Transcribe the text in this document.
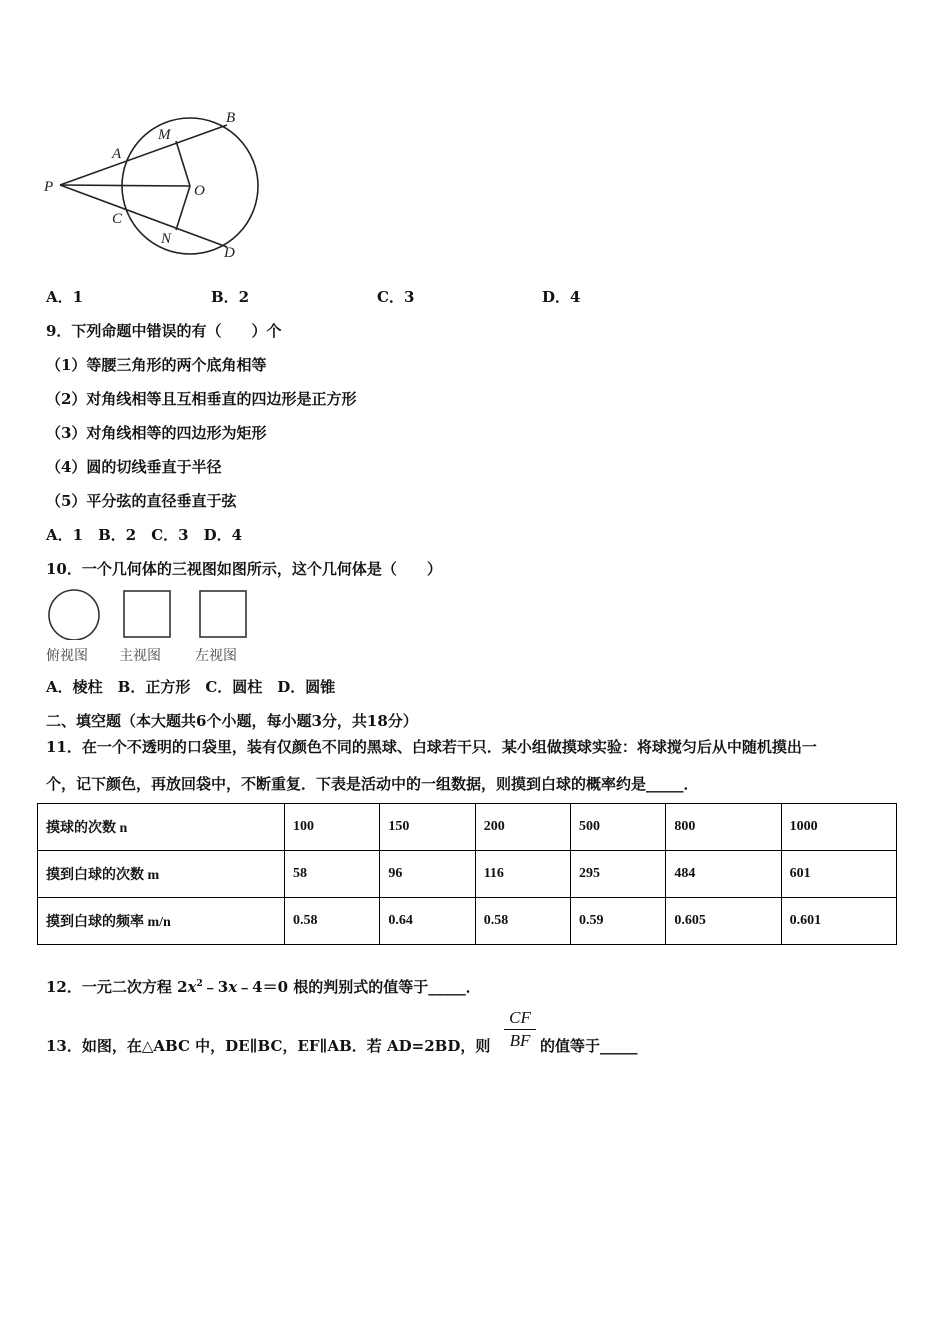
P
A
M
B
O
C
N
D
A．1	B．2	C．3	D．4
9．下列命题中错误的有（　　）个
（1）等腰三角形的两个底角相等
（2）对角线相等且互相垂直的四边形是正方形
（3）对角线相等的四边形为矩形
（4）圆的切线垂直于半径
（5）平分弦的直径垂直于弦
A．1　B．2　C．3　D．4
10．一个几何体的三视图如图所示，这个几何体是（　　）
俯视图 主视图 左视图
A．棱柱　B．正方形　C．圆柱　D．圆锥
二、填空题（本大题共6个小题，每小题3分，共18分）
11．在一个不透明的口袋里，装有仅颜色不同的黑球、白球若干只．某小组做摸球实验：将球搅匀后从中随机摸出一
个，记下颜色，再放回袋中，不断重复．下表是活动中的一组数据，则摸到白球的概率约是_____．
摸球的次数 n	100	150	200	500	800	1000
摸到白球的次数 m	58	96	116	295	484	601
摸到白球的频率 m/n	0.58	0.64	0.58	0.59	0.605	0.601
12．一元二次方程 $2x^2﹣3x﹣4=0$ 根的判别式的值等于_____．
13．如图，在△ABC 中，DE∥BC，EF∥AB．若 AD=2BD，则 $\frac{CF}{BF}$ 的值等于_____
